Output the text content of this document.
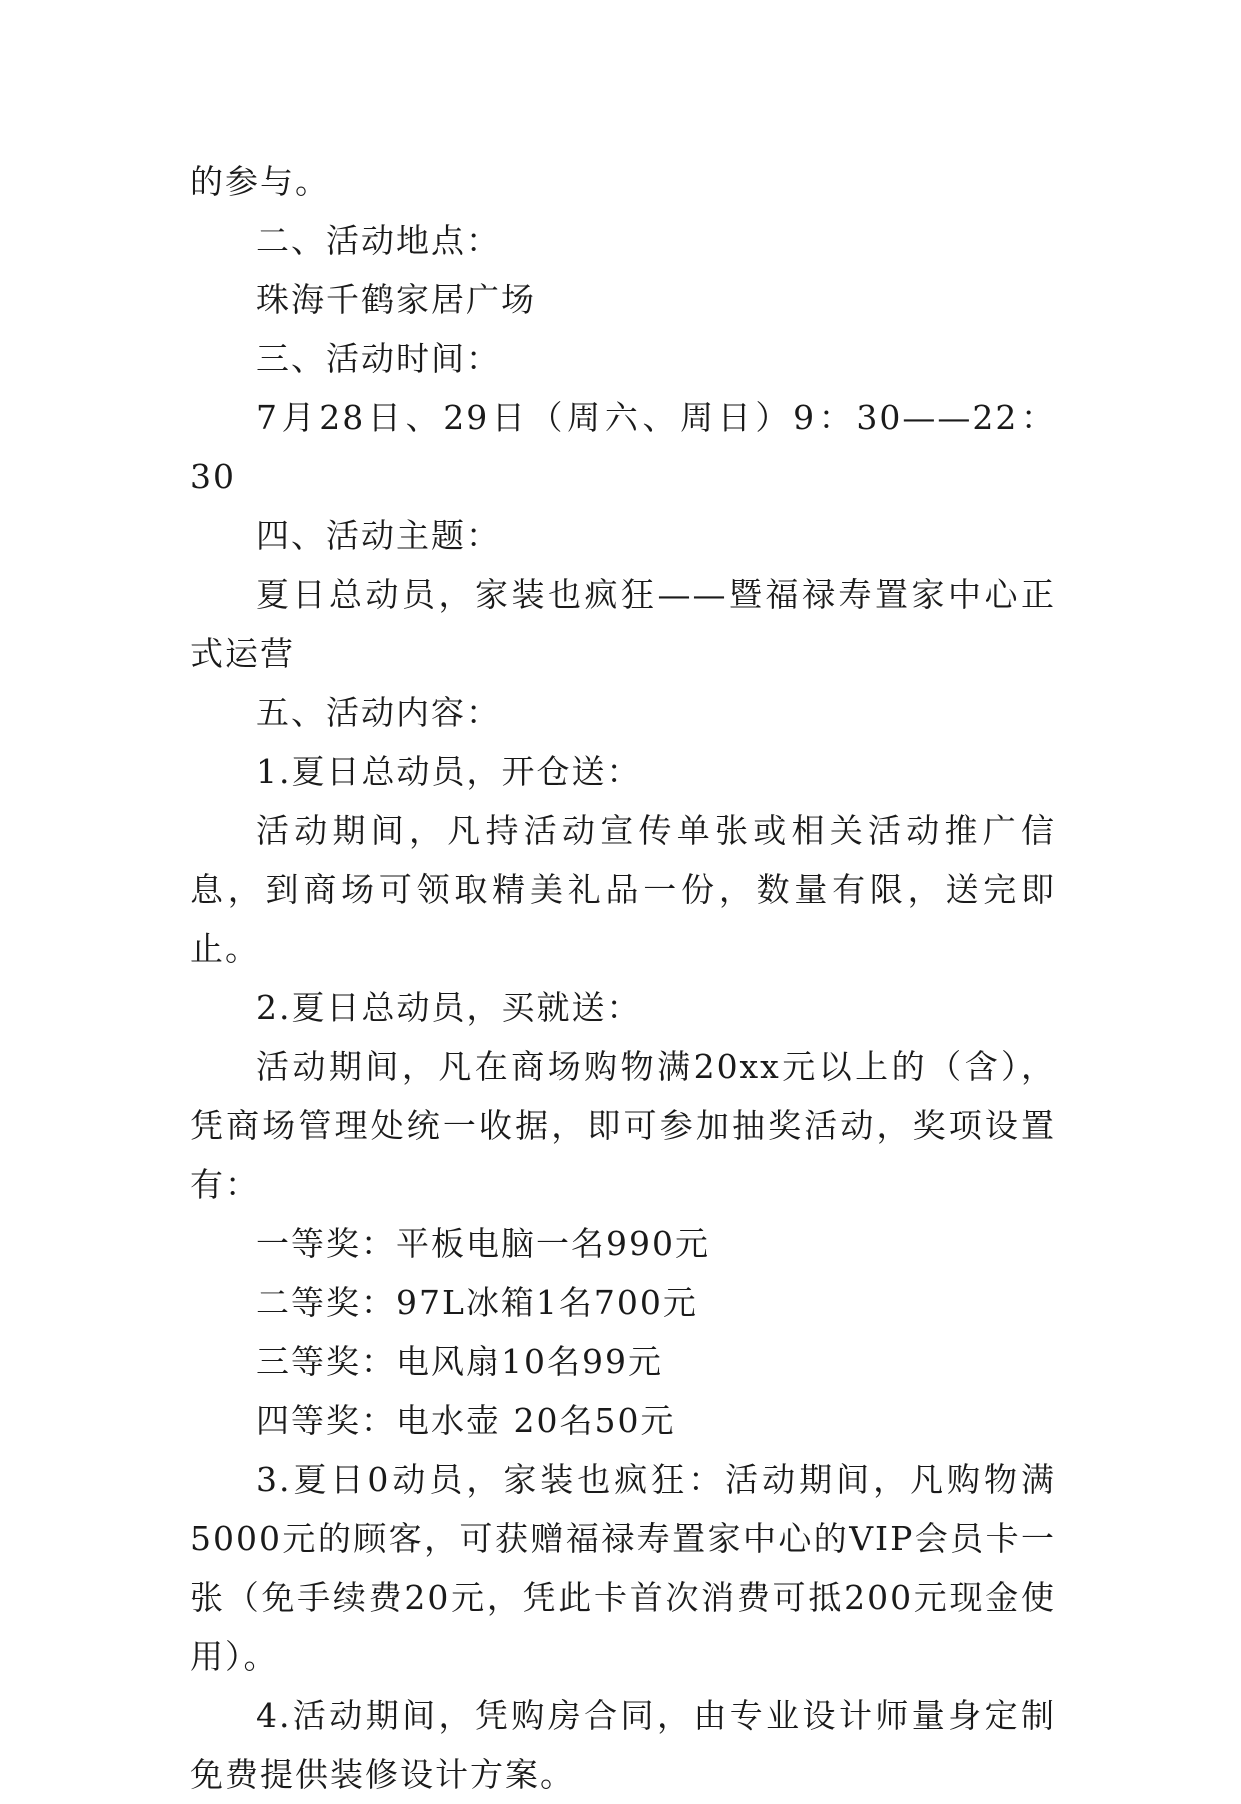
的参与。

二、活动地点：

珠海千鹤家居广场

三、活动时间：

7月28日、29日（周六、周日）9：30——22：30

四、活动主题：

夏日总动员，家装也疯狂——暨福禄寿置家中心正式运营

五、活动内容：

1.夏日总动员，开仓送：

活动期间，凡持活动宣传单张或相关活动推广信息，到商场可领取精美礼品一份，数量有限，送完即止。

2.夏日总动员，买就送：

活动期间，凡在商场购物满20xx元以上的（含），凭商场管理处统一收据，即可参加抽奖活动，奖项设置有：

一等奖：平板电脑一名990元

二等奖：97L冰箱1名700元

三等奖：电风扇10名99元

四等奖：电水壶 20名50元

3.夏日0动员，家装也疯狂：活动期间，凡购物满5000元的顾客，可获赠福禄寿置家中心的VIP会员卡一张（免手续费20元，凭此卡首次消费可抵200元现金使用）。

4.活动期间，凭购房合同，由专业设计师量身定制免费提供装修设计方案。
